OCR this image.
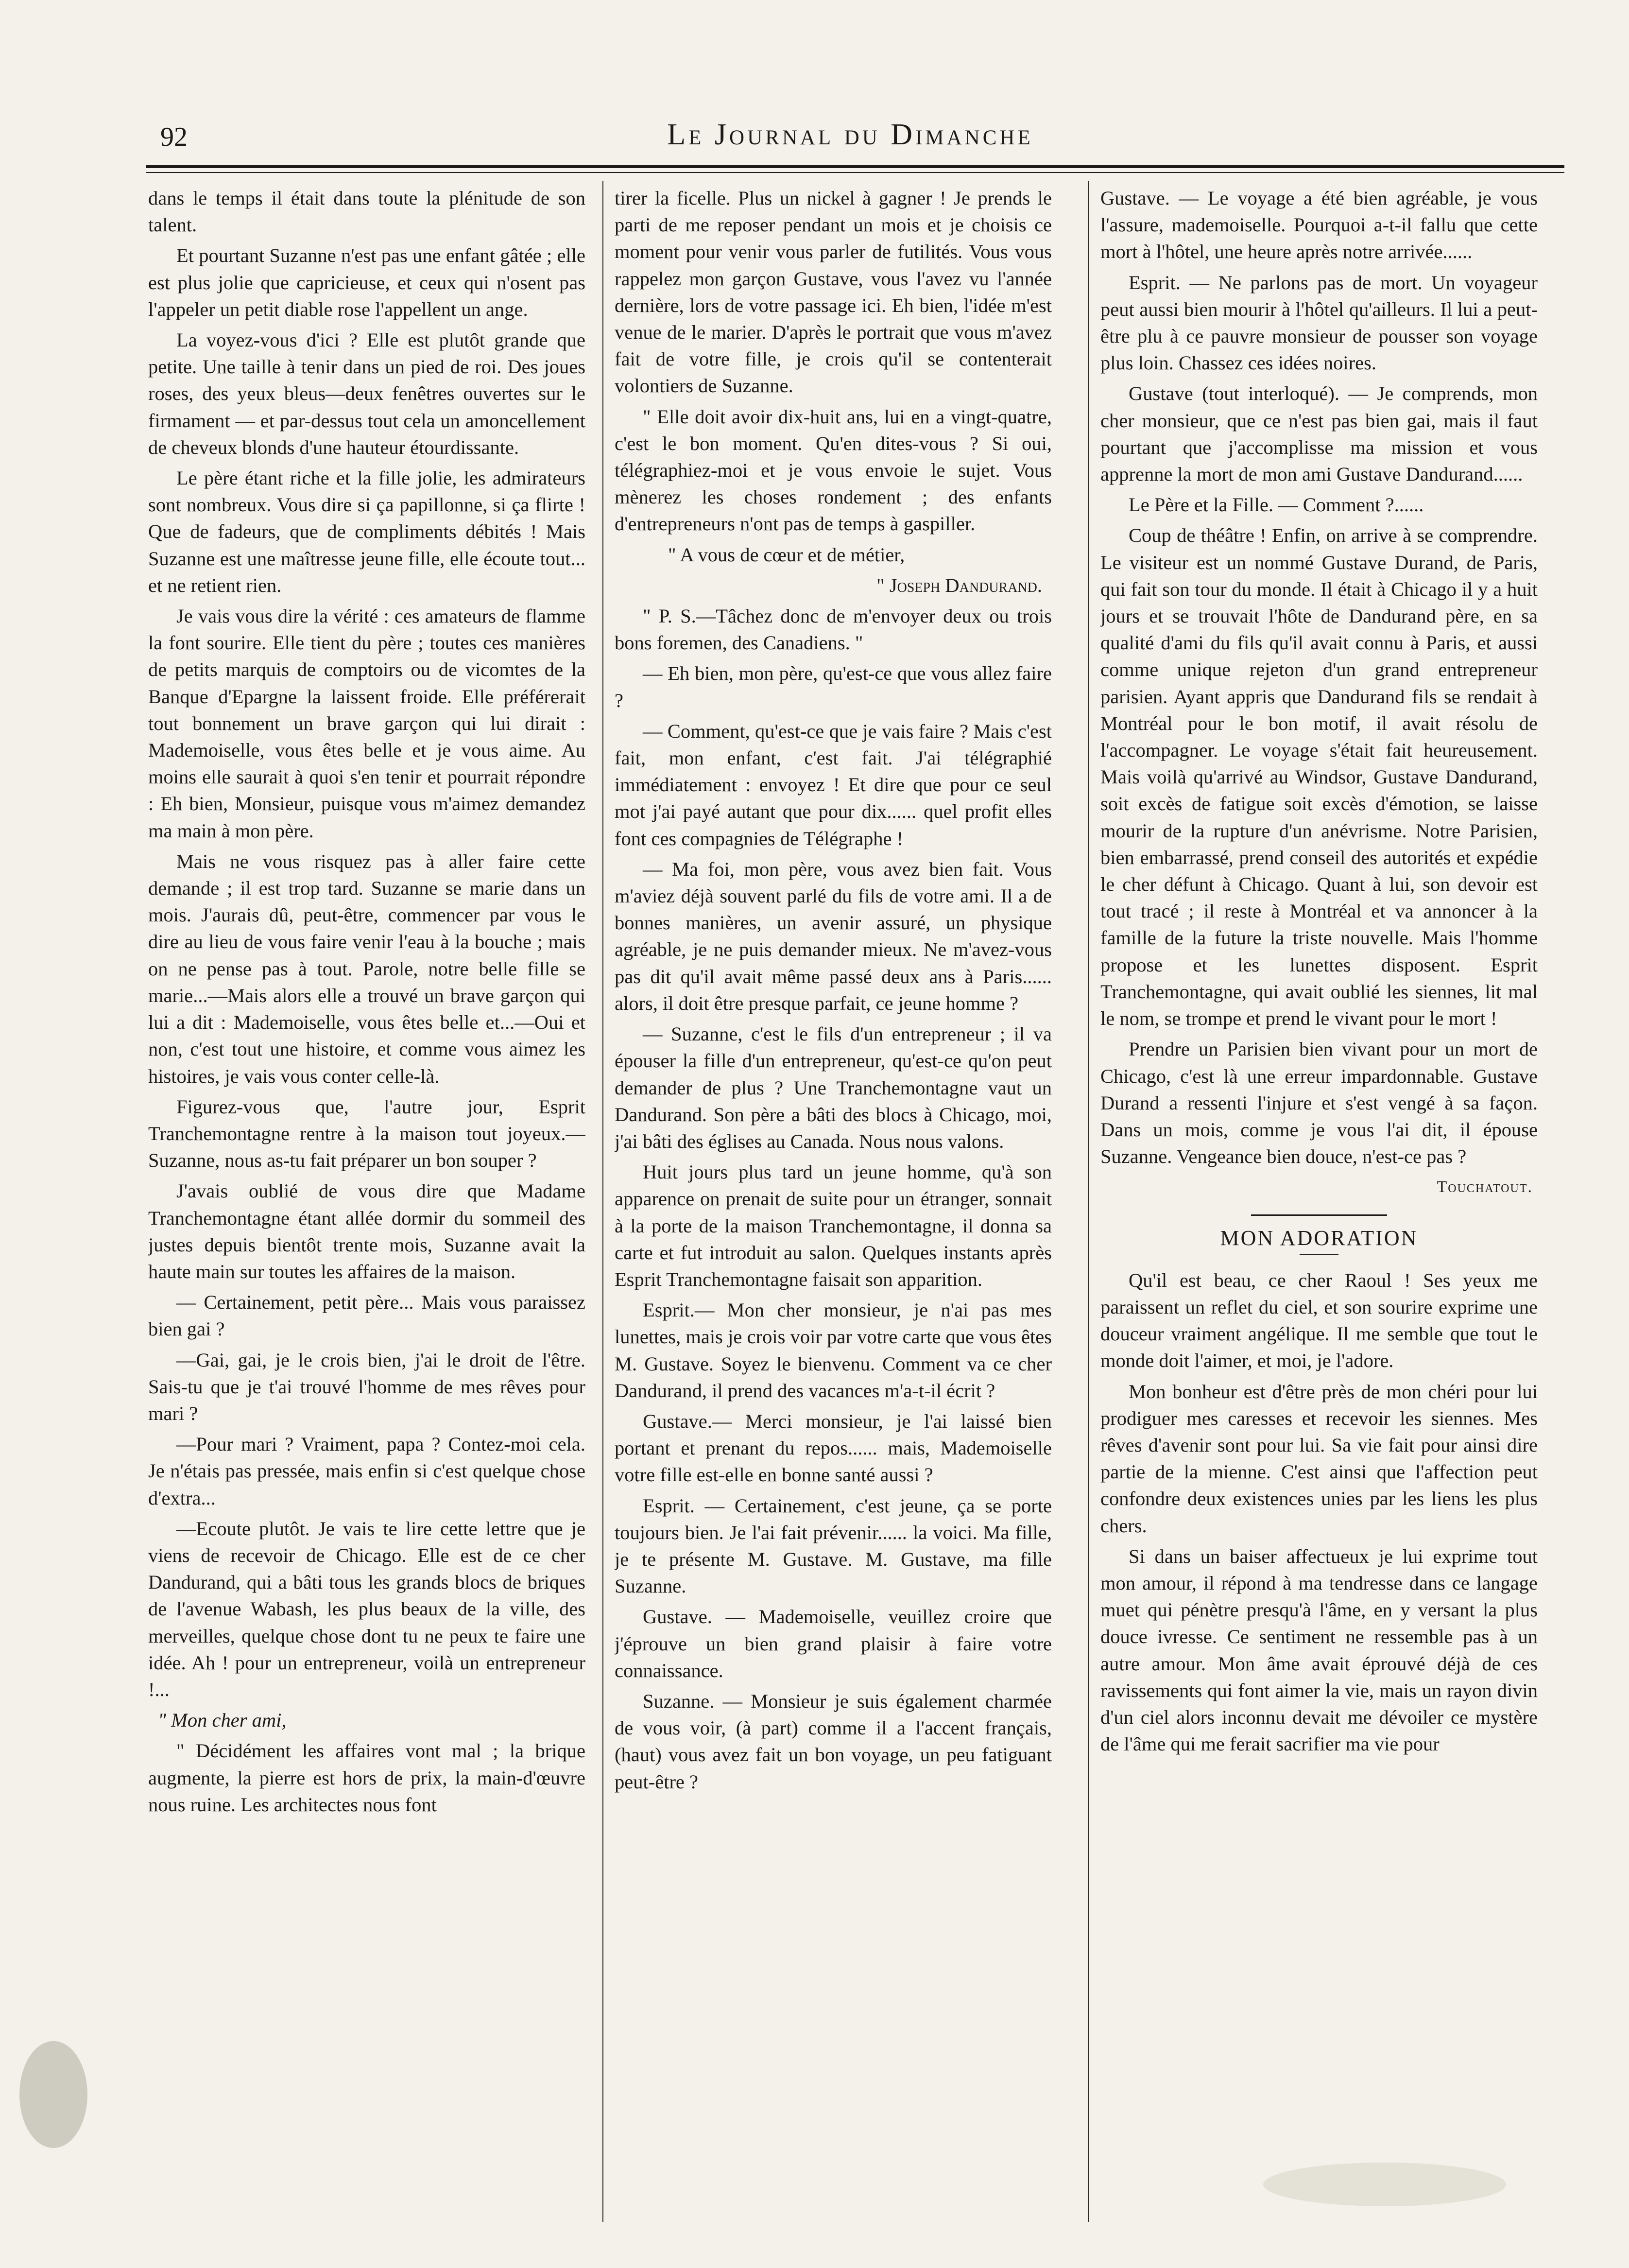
92	Le Journal du Dimanche

dans le temps il était dans toute la plénitude de son talent.

Et pourtant Suzanne n'est pas une enfant gâtée ; elle est plus jolie que capricieuse, et ceux qui n'osent pas l'appeler un petit diable rose l'appellent un ange.

La voyez-vous d'ici ? Elle est plutôt grande que petite. Une taille à tenir dans un pied de roi. Des joues roses, des yeux bleus—deux fenêtres ouvertes sur le firmament — et par-dessus tout cela un amoncellement de cheveux blonds d'une hauteur étourdissante.

Le père étant riche et la fille jolie, les admirateurs sont nombreux. Vous dire si ça papillonne, si ça flirte ! Que de fadeurs, que de compliments débités ! Mais Suzanne est une maîtresse jeune fille, elle écoute tout... et ne retient rien.

Je vais vous dire la vérité : ces amateurs de flamme la font sourire. Elle tient du père ; toutes ces manières de petits marquis de comptoirs ou de vicomtes de la Banque d'Epargne la laissent froide. Elle préférerait tout bonnement un brave garçon qui lui dirait : Mademoiselle, vous êtes belle et je vous aime. Au moins elle saurait à quoi s'en tenir et pourrait répondre : Eh bien, Monsieur, puisque vous m'aimez demandez ma main à mon père.

Mais ne vous risquez pas à aller faire cette demande ; il est trop tard. Suzanne se marie dans un mois. J'aurais dû, peut-être, commencer par vous le dire au lieu de vous faire venir l'eau à la bouche ; mais on ne pense pas à tout. Parole, notre belle fille se marie...—Mais alors elle a trouvé un brave garçon qui lui a dit : Mademoiselle, vous êtes belle et...—Oui et non, c'est tout une histoire, et comme vous aimez les histoires, je vais vous conter celle-là.

Figurez-vous que, l'autre jour, Esprit Tranchemontagne rentre à la maison tout joyeux.— Suzanne, nous as-tu fait préparer un bon souper ?

J'avais oublié de vous dire que Madame Tranchemontagne étant allée dormir du sommeil des justes depuis bientôt trente mois, Suzanne avait la haute main sur toutes les affaires de la maison.

— Certainement, petit père... Mais vous paraissez bien gai ?

—Gai, gai, je le crois bien, j'ai le droit de l'être. Sais-tu que je t'ai trouvé l'homme de mes rêves pour mari ?

—Pour mari ? Vraiment, papa ? Contez-moi cela. Je n'étais pas pressée, mais enfin si c'est quelque chose d'extra...

—Ecoute plutôt. Je vais te lire cette lettre que je viens de recevoir de Chicago. Elle est de ce cher Dandurand, qui a bâti tous les grands blocs de briques de l'avenue Wabash, les plus beaux de la ville, des merveilles, quelque chose dont tu ne peux te faire une idée. Ah ! pour un entrepreneur, voilà un entrepreneur !...

" Mon cher ami,

" Décidément les affaires vont mal ; la brique augmente, la pierre est hors de prix, la main-d'œuvre nous ruine. Les architectes nous font

tirer la ficelle. Plus un nickel à gagner ! Je prends le parti de me reposer pendant un mois et je choisis ce moment pour venir vous parler de futilités. Vous vous rappelez mon garçon Gustave, vous l'avez vu l'année dernière, lors de votre passage ici. Eh bien, l'idée m'est venue de le marier. D'après le portrait que vous m'avez fait de votre fille, je crois qu'il se contenterait volontiers de Suzanne.

" Elle doit avoir dix-huit ans, lui en a vingt-quatre, c'est le bon moment. Qu'en dites-vous ? Si oui, télégraphiez-moi et je vous envoie le sujet. Vous mènerez les choses rondement ; des enfants d'entrepreneurs n'ont pas de temps à gaspiller.

" A vous de cœur et de métier,

" Joseph Dandurand.

" P. S.—Tâchez donc de m'envoyer deux ou trois bons foremen, des Canadiens. "

— Eh bien, mon père, qu'est-ce que vous allez faire ?

— Comment, qu'est-ce que je vais faire ? Mais c'est fait, mon enfant, c'est fait. J'ai télégraphié immédiatement : envoyez ! Et dire que pour ce seul mot j'ai payé autant que pour dix...... quel profit elles font ces compagnies de Télégraphe !

— Ma foi, mon père, vous avez bien fait. Vous m'aviez déjà souvent parlé du fils de votre ami. Il a de bonnes manières, un avenir assuré, un physique agréable, je ne puis demander mieux. Ne m'avez-vous pas dit qu'il avait même passé deux ans à Paris...... alors, il doit être presque parfait, ce jeune homme ?

— Suzanne, c'est le fils d'un entrepreneur ; il va épouser la fille d'un entrepreneur, qu'est-ce qu'on peut demander de plus ? Une Tranchemontagne vaut un Dandurand. Son père a bâti des blocs à Chicago, moi, j'ai bâti des églises au Canada. Nous nous valons.

Huit jours plus tard un jeune homme, qu'à son apparence on prenait de suite pour un étranger, sonnait à la porte de la maison Tranchemontagne, il donna sa carte et fut introduit au salon. Quelques instants après Esprit Tranchemontagne faisait son apparition.

Esprit.— Mon cher monsieur, je n'ai pas mes lunettes, mais je crois voir par votre carte que vous êtes M. Gustave. Soyez le bienvenu. Comment va ce cher Dandurand, il prend des vacances m'a-t-il écrit ?

Gustave.— Merci monsieur, je l'ai laissé bien portant et prenant du repos...... mais, Mademoiselle votre fille est-elle en bonne santé aussi ?

Esprit. — Certainement, c'est jeune, ça se porte toujours bien. Je l'ai fait prévenir...... la voici. Ma fille, je te présente M. Gustave. M. Gustave, ma fille Suzanne.

Gustave. — Mademoiselle, veuillez croire que j'éprouve un bien grand plaisir à faire votre connaissance.

Suzanne. — Monsieur je suis également charmée de vous voir, (à part) comme il a l'accent français, (haut) vous avez fait un bon voyage, un peu fatiguant peut-être ?

Gustave. — Le voyage a été bien agréable, je vous l'assure, mademoiselle. Pourquoi a-t-il fallu que cette mort à l'hôtel, une heure après notre arrivée......

Esprit. — Ne parlons pas de mort. Un voyageur peut aussi bien mourir à l'hôtel qu'ailleurs. Il lui a peut-être plu à ce pauvre monsieur de pousser son voyage plus loin. Chassez ces idées noires.

Gustave (tout interloqué). — Je comprends, mon cher monsieur, que ce n'est pas bien gai, mais il faut pourtant que j'accomplisse ma mission et vous apprenne la mort de mon ami Gustave Dandurand......

Le Père et la Fille. — Comment ?......

Coup de théâtre ! Enfin, on arrive à se comprendre. Le visiteur est un nommé Gustave Durand, de Paris, qui fait son tour du monde. Il était à Chicago il y a huit jours et se trouvait l'hôte de Dandurand père, en sa qualité d'ami du fils qu'il avait connu à Paris, et aussi comme unique rejeton d'un grand entrepreneur parisien. Ayant appris que Dandurand fils se rendait à Montréal pour le bon motif, il avait résolu de l'accompagner. Le voyage s'était fait heureusement. Mais voilà qu'arrivé au Windsor, Gustave Dandurand, soit excès de fatigue soit excès d'émotion, se laisse mourir de la rupture d'un anévrisme. Notre Parisien, bien embarrassé, prend conseil des autorités et expédie le cher défunt à Chicago. Quant à lui, son devoir est tout tracé ; il reste à Montréal et va annoncer à la famille de la future la triste nouvelle. Mais l'homme propose et les lunettes disposent. Esprit Tranchemontagne, qui avait oublié les siennes, lit mal le nom, se trompe et prend le vivant pour le mort !

Prendre un Parisien bien vivant pour un mort de Chicago, c'est là une erreur impardonnable. Gustave Durand a ressenti l'injure et s'est vengé à sa façon. Dans un mois, comme je vous l'ai dit, il épouse Suzanne. Vengeance bien douce, n'est-ce pas ?

Touchatout.

MON ADORATION

Qu'il est beau, ce cher Raoul ! Ses yeux me paraissent un reflet du ciel, et son sourire exprime une douceur vraiment angélique. Il me semble que tout le monde doit l'aimer, et moi, je l'adore.

Mon bonheur est d'être près de mon chéri pour lui prodiguer mes caresses et recevoir les siennes. Mes rêves d'avenir sont pour lui. Sa vie fait pour ainsi dire partie de la mienne. C'est ainsi que l'affection peut confondre deux existences unies par les liens les plus chers.

Si dans un baiser affectueux je lui exprime tout mon amour, il répond à ma tendresse dans ce langage muet qui pénètre presqu'à l'âme, en y versant la plus douce ivresse. Ce sentiment ne ressemble pas à un autre amour. Mon âme avait éprouvé déjà de ces ravissements qui font aimer la vie, mais un rayon divin d'un ciel alors inconnu devait me dévoiler ce mystère de l'âme qui me ferait sacrifier ma vie pour
